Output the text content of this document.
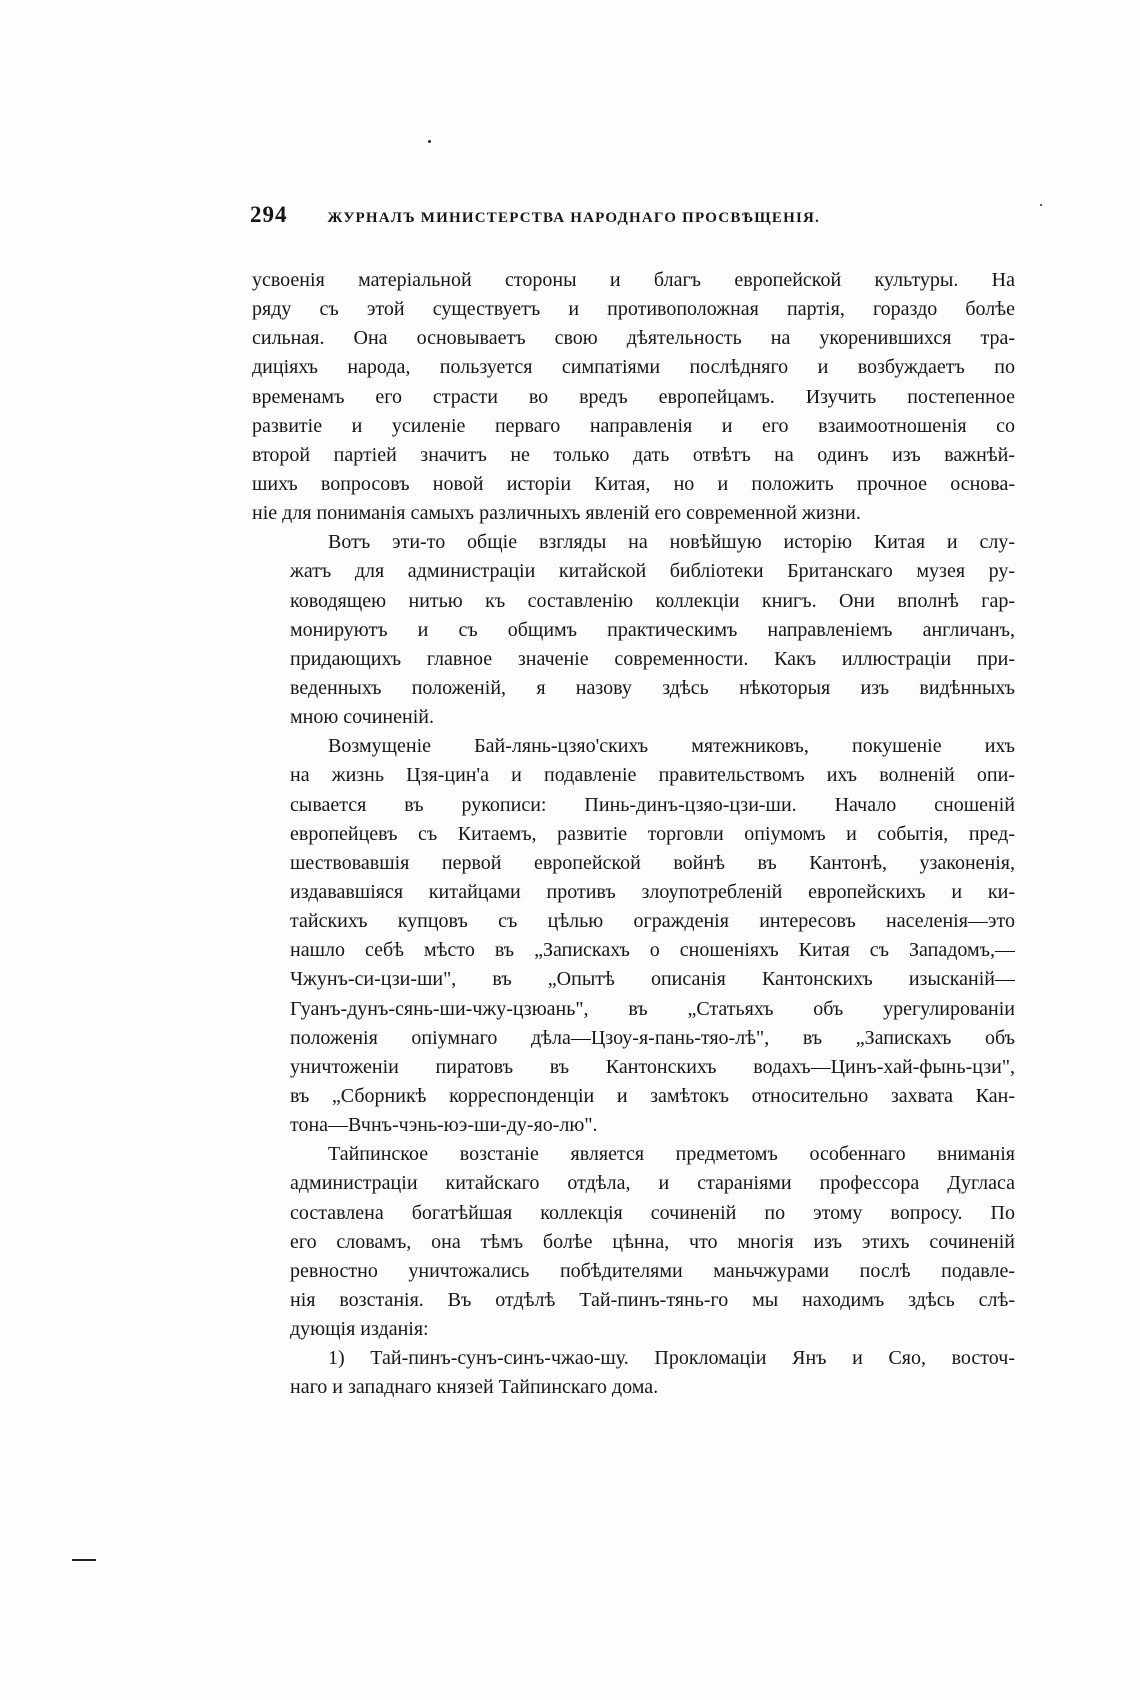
294	ЖУРНАЛЪ МИНИСТЕРСТВА НАРОДНАГО ПРОСВѢЩЕНІЯ.
усвоенія матеріальной стороны и благъ европейской культуры. На
ряду съ этой существуетъ и противоположная партія, гораздо болѣе
сильная. Она основываетъ свою дѣятельность на укоренившихся тра-
диціяхъ народа, пользуется симпатіями послѣдняго и возбуждаетъ по
временамъ его страсти во вредъ европейцамъ. Изучить постепенное
развитіе и усиленіе перваго направленія и его взаимоотношенія со
второй партіей значитъ не только дать отвѣтъ на одинъ изъ важнѣй-
шихъ вопросовъ новой исторіи Китая, но и положить прочное основа-
ніе для пониманія самыхъ различныхъ явленій его современной жизни.
Вотъ эти-то общіе взгляды на новѣйшую исторію Китая и слу-
жатъ для администраціи китайской библіотеки Британскаго музея ру-
ководящею нитью къ составленію коллекціи книгъ. Они вполнѣ гар-
монируютъ и съ общимъ практическимъ направленіемъ англичанъ,
придающихъ главное значеніе современности. Какъ иллюстраціи при-
веденныхъ положеній, я назову здѣсь нѣкоторыя изъ видѣнныхъ
мною сочиненій.
Возмущеніе Бай-лянь-цзяо'скихъ мятежниковъ, покушеніе ихъ
на жизнь Цзя-цин'а и подавленіе правительствомъ ихъ волненій опи-
сывается въ рукописи: Пинь-динъ-цзяо-цзи-ши. Начало сношеній
европейцевъ съ Китаемъ, развитіе торговли опіумомъ и событія, пред-
шествовавшія первой европейской войнѣ въ Кантонѣ, узаконенія,
издававшіяся китайцами противъ злоупотребленій европейскихъ и ки-
тайскихъ купцовъ съ цѣлью огражденія интересовъ населенія—это
нашло себѣ мѣсто въ „Запискахъ о сношеніяхъ Китая съ Западомъ,—
Чжунъ-си-цзи-ши", въ „Опытѣ описанія Кантонскихъ изысканій—
Гуанъ-дунъ-сянь-ши-чжу-цзюань", въ „Статьяхъ объ урегулированіи
положенія опіумнаго дѣла—Цзоу-я-пань-тяо-лѣ", въ „Запискахъ объ
уничтоженіи пиратовъ въ Кантонскихъ водахъ—Цинъ-хай-фынь-цзи",
въ „Сборникѣ корреспонденціи и замѣтокъ относительно захвата Кан-
тона—Вчнъ-чэнь-юэ-ши-ду-яо-лю".
Тайпинское возстаніе является предметомъ особеннаго вниманія
администраціи китайскаго отдѣла, и стараніями профессора Дугласа
составлена богатѣйшая коллекція сочиненій по этому вопросу. По
его словамъ, она тѣмъ болѣе цѣнна, что многія изъ этихъ сочиненій
ревностно уничтожались побѣдителями маньчжурами послѣ подавле-
нія возстанія. Въ отдѣлѣ Тай-пинъ-тянь-го мы находимъ здѣсь слѣ-
дующія изданія:
1) Тай-пинъ-сунъ-синъ-чжао-шу. Прокломаціи Янъ и Сяо, восточ-
наго и западнаго князей Тайпинскаго дома.
